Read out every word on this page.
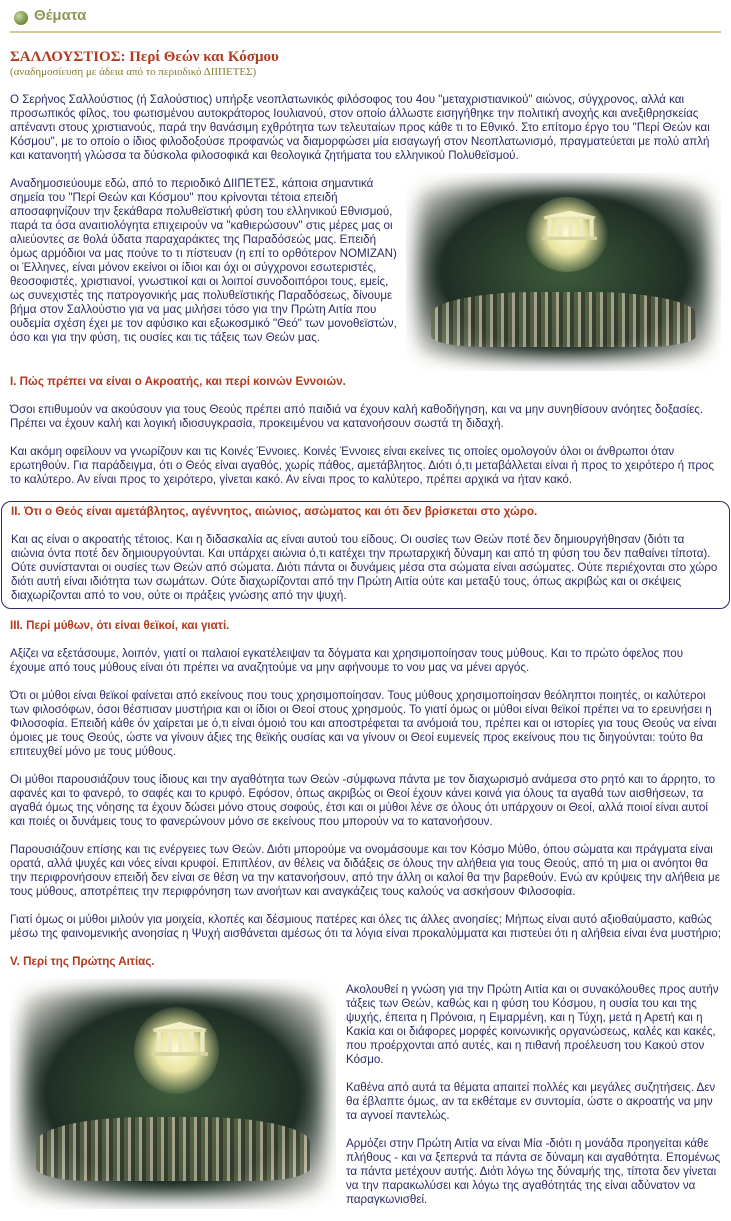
Θέματα
ΣΑΛΛΟΥΣΤΙΟΣ: Περί Θεών και Κόσμου
(αναδημοσίευση με άδεια από το περιοδικό ΔΙΙΠΕΤΕΣ)

Ο Σερήνος Σαλλούστιος (ή Σαλούστιος) υπήρξε νεοπλατωνικός φιλόσοφος του 4ου "μεταχριστιανικού" αιώνος, σύγχρονος, αλλά και προσωπικός φίλος, του φωτισμένου αυτοκράτορος Ιουλιανού, στον οποίο άλλωστε εισηγήθηκε την πολιτική ανοχής και ανεξιθρησκείας απέναντι στους χριστιανούς, παρά την θανάσιμη εχθρότητα των τελευταίων προς κάθε τι το Εθνικό. Στο επίτομο έργο του "Περί Θεών και Κόσμου", με το οποίο ο ίδιος φιλοδοξούσε προφανώς να διαμορφώσει μία εισαγωγή στον Νεοπλατωνισμό, πραγματεύεται με πολύ απλή και κατανοητή γλώσσα τα δύσκολα φιλοσοφικά και θεολογικά ζητήματα του ελληνικού Πολυθεϊσμού.

Αναδημοσιεύουμε εδώ, από το περιοδικό ΔΙΙΠΕΤΕΣ, κάποια σημαντικά σημεία του "Περί Θεών και Κόσμου" που κρίνονται τέτοια επειδή αποσαφηνίζουν την ξεκάθαρα πολυθεϊστική φύση του ελληνικού Εθνισμού, παρά τα όσα αναιτιολόγητα επιχειρούν να "καθιερώσουν" στις μέρες μας οι αλιεύοντες σε θολά ύδατα παραχαράκτες της Παραδόσεώς μας. Επειδή όμως αρμόδιοι να μας πούνε το τι πίστευαν (η επί το ορθότερον ΝΟΜΙΖΑΝ) οι Έλληνες, είναι μόνον εκείνοι οι ίδιοι και όχι οι σύγχρονοι εσωτεριστές, θεοσοφιστές, χριστιανοί, γνωστικοί και οι λοιποί συνοδοιπόροι τους, εμείς, ως συνεχιστές της πατρογονικής μας πολυθεϊστικής Παραδόσεως, δίνουμε βήμα στον Σαλλούστιο για να μας μιλήσει τόσο για την Πρώτη Αιτία που ουδεμία σχέση έχει με τον αφύσικο και εξωκοσμικό "Θεό" των μονοθεϊστών, όσο και για την φύση, τις ουσίες και τις τάξεις των Θεών μας.

I. Πώς πρέπει να είναι ο Ακροατής, και περί κοινών Εννοιών.

Όσοι επιθυμούν να ακούσουν για τους Θεούς πρέπει από παιδιά να έχουν καλή καθοδήγηση, και να μην συνηθίσουν ανόητες δοξασίες. Πρέπει να έχουν καλή και λογική ιδιοσυγκρασία, προκειμένου να κατανοήσουν σωστά τη διδαχή.

Και ακόμη οφείλουν να γνωρίζουν και τις Κοινές Έννοιες. Κοινές Έννοιες είναι εκείνες τις οποίες ομολογούν όλοι οι άνθρωποι όταν ερωτηθούν. Για παράδειγμα, ότι ο Θεός είναι αγαθός, χωρίς πάθος, αμετάβλητος. Διότι ό,τι μεταβάλλεται είναι ή προς το χειρότερο ή προς το καλύτερο. Αν είναι προς το χειρότερο, γίνεται κακό. Αν είναι προς το καλύτερο, πρέπει αρχικά να ήταν κακό.

II. Ότι ο Θεός είναι αμετάβλητος, αγέννητος, αιώνιος, ασώματος και ότι δεν βρίσκεται στο χώρο.

Και ας είναι ο ακροατής τέτοιος. Και η διδασκαλία ας είναι αυτού του είδους. Οι ουσίες των Θεών ποτέ δεν δημιουργήθησαν (διότι τα αιώνια όντα ποτέ δεν δημιουργούνται. Και υπάρχει αιώνια ό,τι κατέχει την πρωταρχική δύναμη και από τη φύση του δεν παθαίνει τίποτα). Ούτε συνίστανται οι ουσίες των Θεών από σώματα. Διότι πάντα οι δυνάμεις μέσα στα σώματα είναι ασώματες. Ούτε περιέχονται στο χώρο διότι αυτή είναι ιδιότητα των σωμάτων. Ούτε διαχωρίζονται από την Πρώτη Αιτία ούτε και μεταξύ τους, όπως ακριβώς και οι σκέψεις διαχωρίζονται από το νου, ούτε οι πράξεις γνώσης από την ψυχή.

III. Περί μύθων, ότι είναι θεϊκοί, και γιατί.

Αξίζει να εξετάσουμε, λοιπόν, γιατί οι παλαιοί εγκατέλειψαν τα δόγματα και χρησιμοποίησαν τους μύθους. Και το πρώτο όφελος που έχουμε από τους μύθους είναι ότι πρέπει να αναζητούμε να μην αφήνουμε το νου μας να μένει αργός.

Ότι οι μύθοι είναι θεϊκοί φαίνεται από εκείνους που τους χρησιμοποίησαν. Τους μύθους χρησιμοποίησαν θεόληπτοι ποιητές, οι καλύτεροι των φιλοσόφων, όσοι θέσπισαν μυστήρια και οι ίδιοι οι Θεοί στους χρησμούς. Το γιατί όμως οι μύθοι είναι θεϊκοί πρέπει να το ερευνήσει η Φιλοσοφία. Επειδή κάθε όν χαίρεται με ό,τι είναι όμοιό του και αποστρέφεται τα ανόμοιά του, πρέπει και οι ιστορίες για τους Θεούς να είναι όμοιες με τους Θεούς, ώστε να γίνουν άξιες της θεϊκής ουσίας και να γίνουν οι Θεοί ευμενείς προς εκείνους που τις διηγούνται: τούτο θα επιτευχθεί μόνο με τους μύθους.

Οι μύθοι παρουσιάζουν τους ίδιους και την αγαθότητα των Θεών -σύμφωνα πάντα με τον διαχωρισμό ανάμεσα στο ρητό και το άρρητο, το αφανές και το φανερό, το σαφές και το κρυφό. Εφόσον, όπως ακριβώς οι Θεοί έχουν κάνει κοινά για όλους τα αγαθά των αισθήσεων, τα αγαθά όμως της νόησης τα έχουν δώσει μόνο στους σοφούς, έτσι και οι μύθοι λένε σε όλους ότι υπάρχουν οι Θεοί, αλλά ποιοί είναι αυτοί και ποιές οι δυνάμεις τους το φανερώνουν μόνο σε εκείνους που μπορούν να το κατανοήσουν.

Παρουσιάζουν επίσης και τις ενέργειες των Θεών. Διότι μπορούμε να ονομάσουμε και τον Κόσμο Μύθο, όπου σώματα και πράγματα είναι ορατά, αλλά ψυχές και νόες είναι κρυφοί. Επιπλέον, αν θέλεις να διδάξεις σε όλους την αλήθεια για τους Θεούς, από τη μια οι ανόητοι θα την περιφρονήσουν επειδή δεν είναι σε θέση να την κατανοήσουν, από την άλλη οι καλοί θα την βαρεθούν. Ενώ αν κρύψεις την αλήθεια με τους μύθους, αποτρέπεις την περιφρόνηση των ανοήτων και αναγκάζεις τους καλούς να ασκήσουν Φιλοσοφία.

Γιατί όμως οι μύθοι μιλούν για μοιχεία, κλοπές και δέσμιους πατέρες και όλες τις άλλες ανοησίες; Μήπως είναι αυτό αξιοθαύμαστο, καθώς μέσω της φαινομενικής ανοησίας η Ψυχή αισθάνεται αμέσως ότι τα λόγια είναι προκαλύμματα και πιστεύει ότι η αλήθεια είναι ένα μυστήριο;

V. Περί της Πρώτης Αιτίας.

Ακολουθεί η γνώση για την Πρώτη Αιτία και οι συνακόλουθες προς αυτήν τάξεις των Θεών, καθώς και η φύση του Κόσμου, η ουσία του και της ψυχής, έπειτα η Πρόνοια, η Ειμαρμένη, και η Τύχη, μετά η Αρετή και η Κακία και οι διάφορες μορφές κοινωνικής οργανώσεως, καλές και κακές, που προέρχονται από αυτές, και η πιθανή προέλευση του Κακού στον Κόσμο.

Καθένα από αυτά τα θέματα απαιτεί πολλές και μεγάλες συζητήσεις. Δεν θα έβλαπτε όμως, αν τα εκθέταμε εν συντομία, ώστε ο ακροατής να μην τα αγνοεί παντελώς.

Αρμόζει στην Πρώτη Αιτία να είναι Μία -διότι η μονάδα προηγείται κάθε πλήθους - και να ξεπερνά τα πάντα σε δύναμη και αγαθότητα. Επομένως τα πάντα μετέχουν αυτής. Διότι λόγω της δύναμής της, τίποτα δεν γίνεται να την παρακωλύσει και λόγω της αγαθότητάς της είναι αδύνατον να παραγκωνισθεί.
